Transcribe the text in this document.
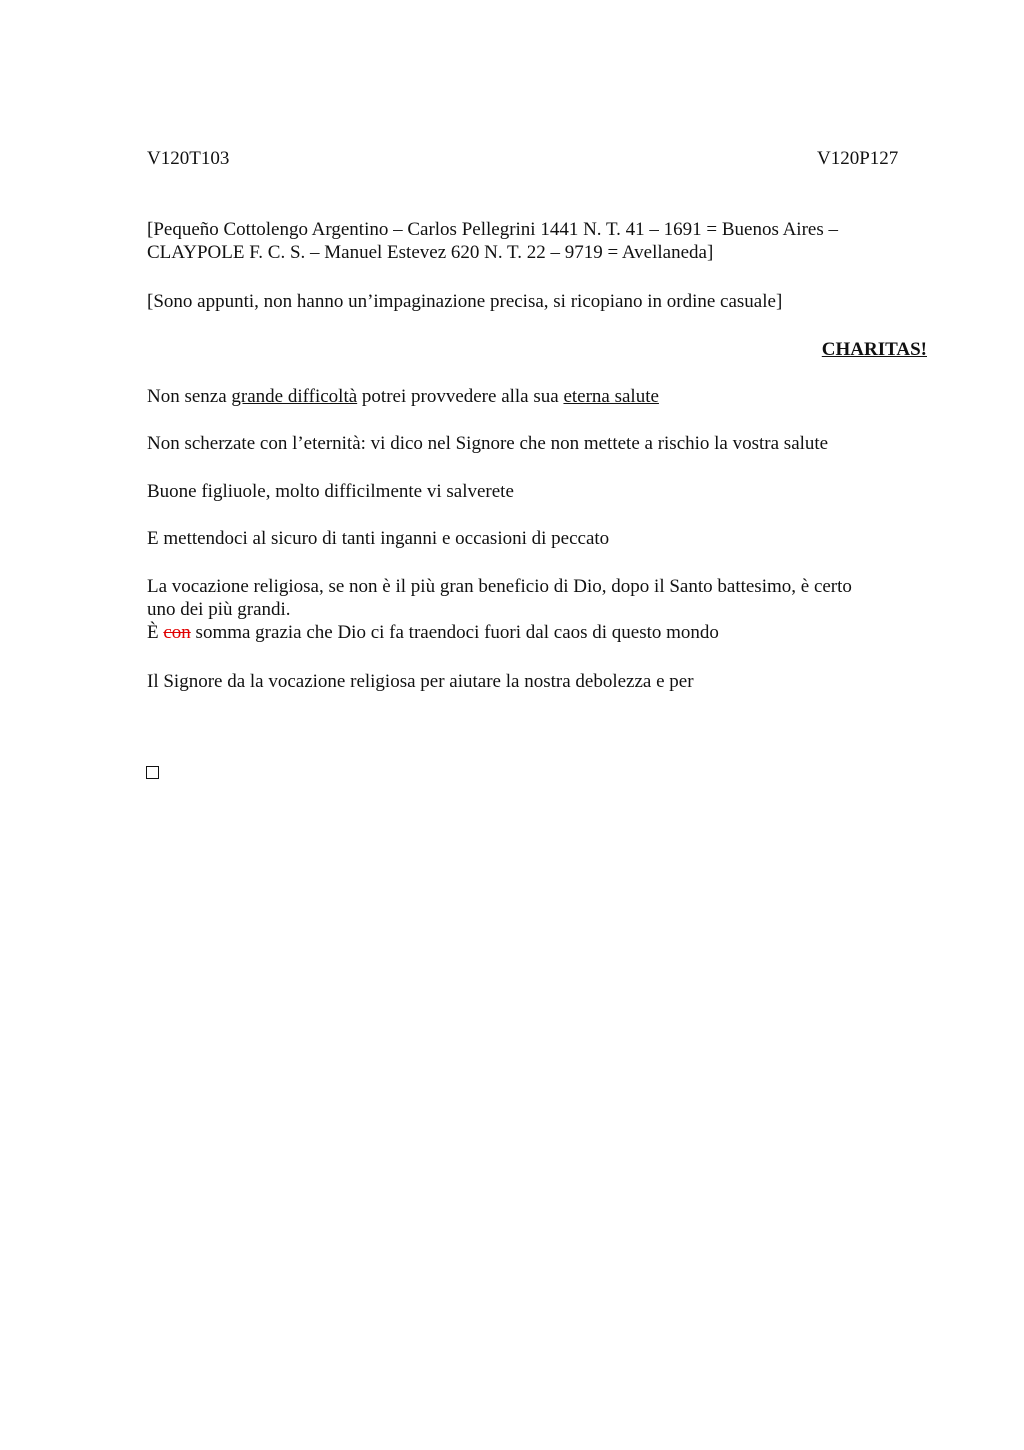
V120T103	V120P127

[Pequeño Cottolengo Argentino – Carlos Pellegrini 1441 N. T. 41 – 1691 = Buenos Aires –
CLAYPOLE F. C. S. – Manuel Estevez 620 N. T. 22 – 9719 = Avellaneda]

[Sono appunti, non hanno un’impaginazione precisa, si ricopiano in ordine casuale]

CHARITAS!

Non senza grande difficoltà potrei provvedere alla sua eterna salute

Non scherzate con l’eternità: vi dico nel Signore che non mettete a rischio la vostra salute

Buone figliuole, molto difficilmente vi salverete

E mettendoci al sicuro di tanti inganni e occasioni di peccato

La vocazione religiosa, se non è il più gran beneficio di Dio, dopo il Santo battesimo, è certo
uno dei più grandi.
È con somma grazia che Dio ci fa traendoci fuori dal caos di questo mondo

Il Signore da la vocazione religiosa per aiutare la nostra debolezza e per
